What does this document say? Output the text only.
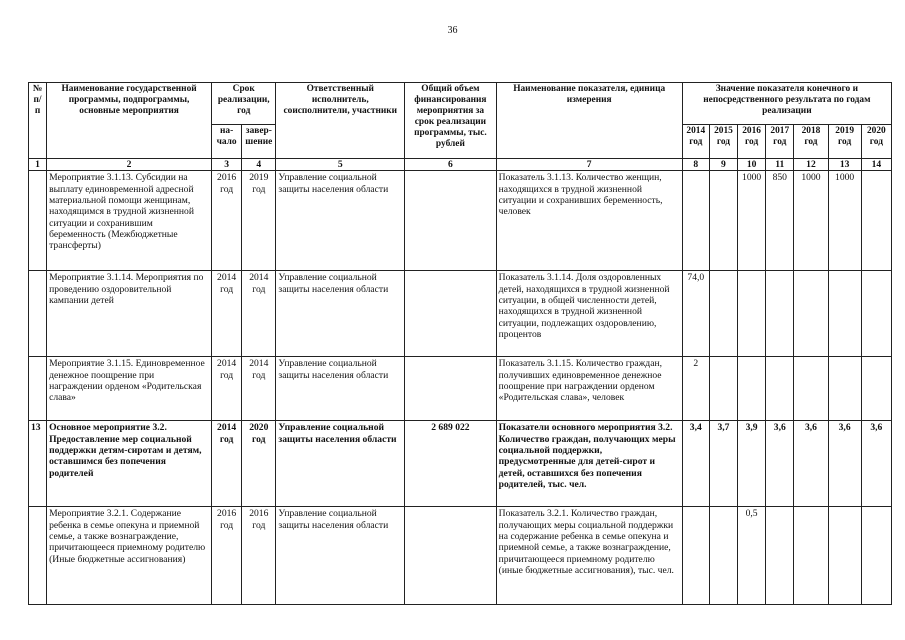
36
№ п/п	Наименование государственной программы, подпрограммы, основные мероприятия	Срок реализации, год		Ответственный исполнитель, соисполнители, участники	Общий объем финансирования мероприятия за срок реализации программы, тыс. рублей	Наименование показателя, единица измерения	Значение показателя конечного и непосредственного результата по годам реализации						
		на-чало	завер-шение				2014 год	2015 год	2016 год	2017 год	2018 год	2019 год	2020 год
1	2	3	4	5	6	7	8	9	10	11	12	13	14
	Мероприятие 3.1.13. Субсидии на выплату единовременной адресной материальной помощи женщинам, находящимся в трудной жизненной ситуации и сохранившим беременность (Межбюджетные трансферты)	2016 год	2019 год	Управление социальной защиты населения области		Показатель 3.1.13. Количество женщин, находящихся в трудной жизненной ситуации и сохранивших беременность, человек			1000	850	1000	1000	
	Мероприятие 3.1.14. Мероприятия по проведению оздоровительной кампании детей	2014 год	2014 год	Управление социальной защиты населения области		Показатель 3.1.14. Доля оздоровленных детей, находящихся в трудной жизненной ситуации, в общей численности детей, находящихся в трудной жизненной ситуации, подлежащих оздоровлению, процентов	74,0						
	Мероприятие 3.1.15. Единовременное денежное поощрение при награждении орденом «Родительская слава»	2014 год	2014 год	Управление социальной защиты населения области		Показатель 3.1.15. Количество граждан, получивших единовременное денежное поощрение при награждении орденом «Родительская слава», человек	2						
13	Основное мероприятие 3.2. Предоставление мер социальной поддержки детям-сиротам и детям, оставшимся без попечения родителей	2014 год	2020 год	Управление социальной защиты населения области	2 689 022	Показатели основного мероприятия 3.2. Количество граждан, получающих меры социальной поддержки, предусмотренные для детей-сирот и детей, оставшихся без попечения родителей, тыс. чел.	3,4	3,7	3,9	3,6	3,6	3,6	3,6
	Мероприятие 3.2.1. Содержание ребенка в семье опекуна и приемной семье, а также вознаграждение, причитающееся приемному родителю (Иные бюджетные ассигнования)	2016 год	2016 год	Управление социальной защиты населения области		Показатель 3.2.1. Количество граждан, получающих меры социальной поддержки на содержание ребенка в семье опекуна и приемной семье, а также вознаграждение, причитающееся приемному родителю (иные бюджетные ассигнования), тыс. чел.			0,5				
